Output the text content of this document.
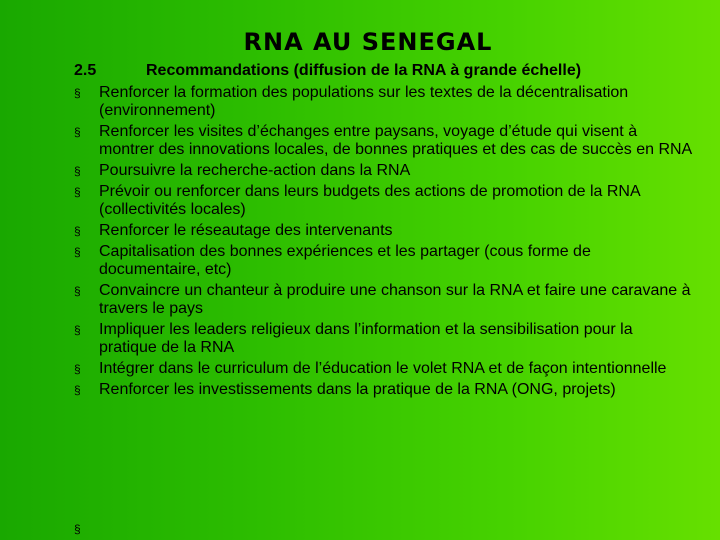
RNA AU SENEGAL
2.5	Recommandations (diffusion de la RNA à grande échelle)
§	Renforcer la formation des populations sur les textes de la décentralisation (environnement)
§	Renforcer les visites d’échanges entre paysans, voyage d’étude qui visent à montrer des innovations locales, de bonnes pratiques et des cas de succès en RNA
§	Poursuivre la recherche-action dans la RNA
§	Prévoir ou renforcer dans leurs budgets des actions de promotion de la RNA (collectivités locales)
§	Renforcer le réseautage des intervenants
§	Capitalisation des bonnes expériences et les partager (cous forme de documentaire, etc)
§	Convaincre un chanteur à produire une chanson sur la RNA et faire une caravane à travers le pays
§	Impliquer les leaders religieux dans l’information et la sensibilisation pour la pratique de la RNA
§	Intégrer dans le curriculum de l’éducation le volet RNA et de façon intentionnelle
§	Renforcer les investissements dans la pratique de la RNA (ONG, projets)
§
